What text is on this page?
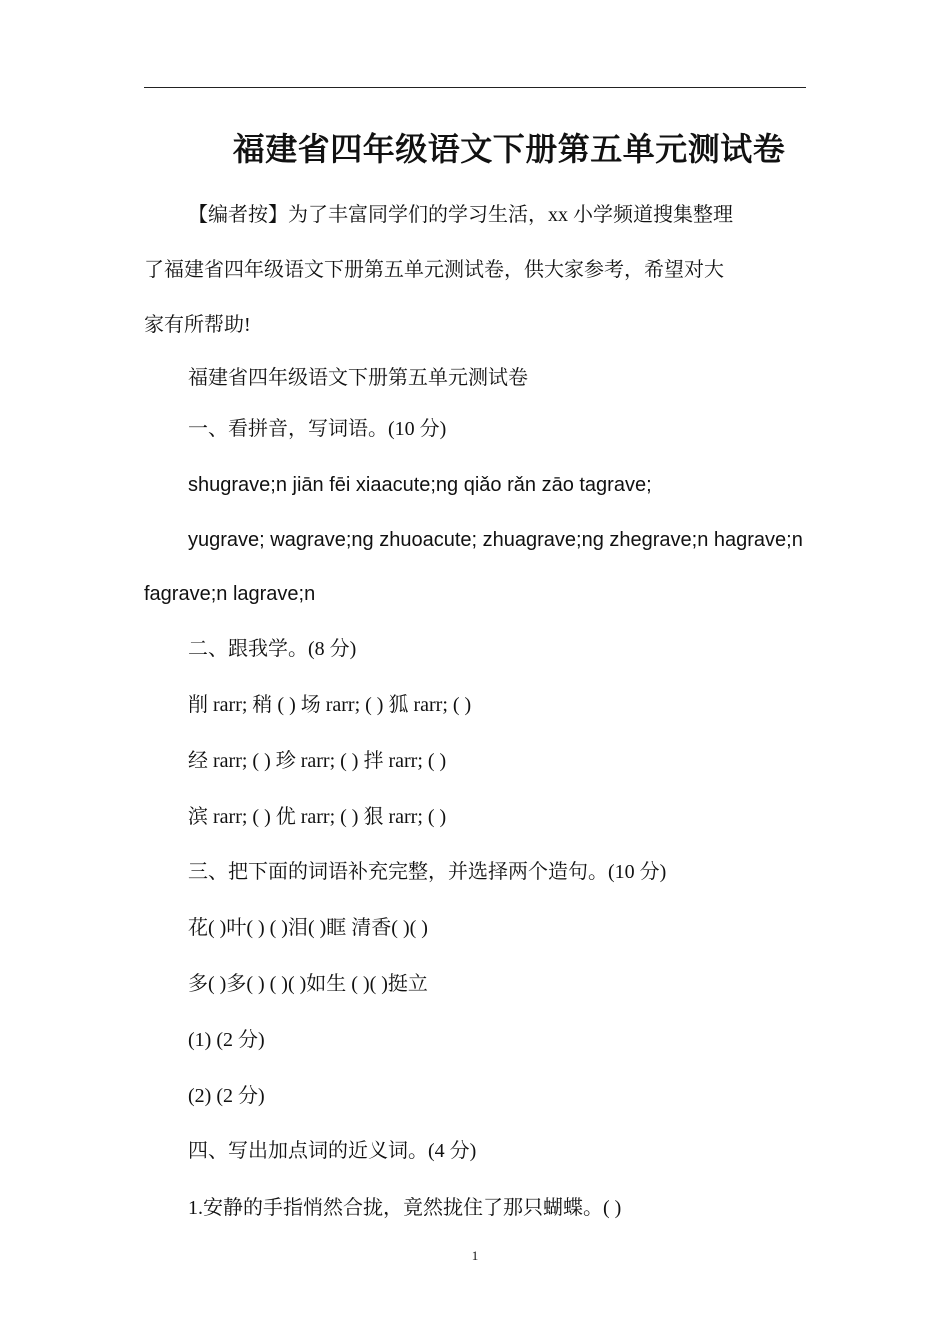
福建省四年级语文下册第五单元测试卷
【编者按】为了丰富同学们的学习生活，xx 小学频道搜集整理
了福建省四年级语文下册第五单元测试卷，供大家参考，希望对大
家有所帮助!
福建省四年级语文下册第五单元测试卷
一、看拼音，写词语。(10 分)
shugrave;n jiān fēi xiaacute;ng qiǎo rǎn zāo tagrave;
yugrave; wagrave;ng zhuoacute; zhuagrave;ng zhegrave;n hagrave;n
fagrave;n lagrave;n
二、跟我学。(8 分)
削 rarr; 稍 ( ) 场 rarr; ( ) 狐 rarr; ( )
经 rarr; ( ) 珍 rarr; ( ) 拌 rarr; ( )
滨 rarr; ( ) 优 rarr; ( ) 狠 rarr; ( )
三、把下面的词语补充完整，并选择两个造句。(10 分)
花( )叶( ) ( )泪( )眶 清香( )( )
多( )多( ) ( )( )如生 ( )( )挺立
(1) (2 分)
(2) (2 分)
四、写出加点词的近义词。(4 分)
1.安静的手指悄然合拢，竟然拢住了那只蝴蝶。( )
1
